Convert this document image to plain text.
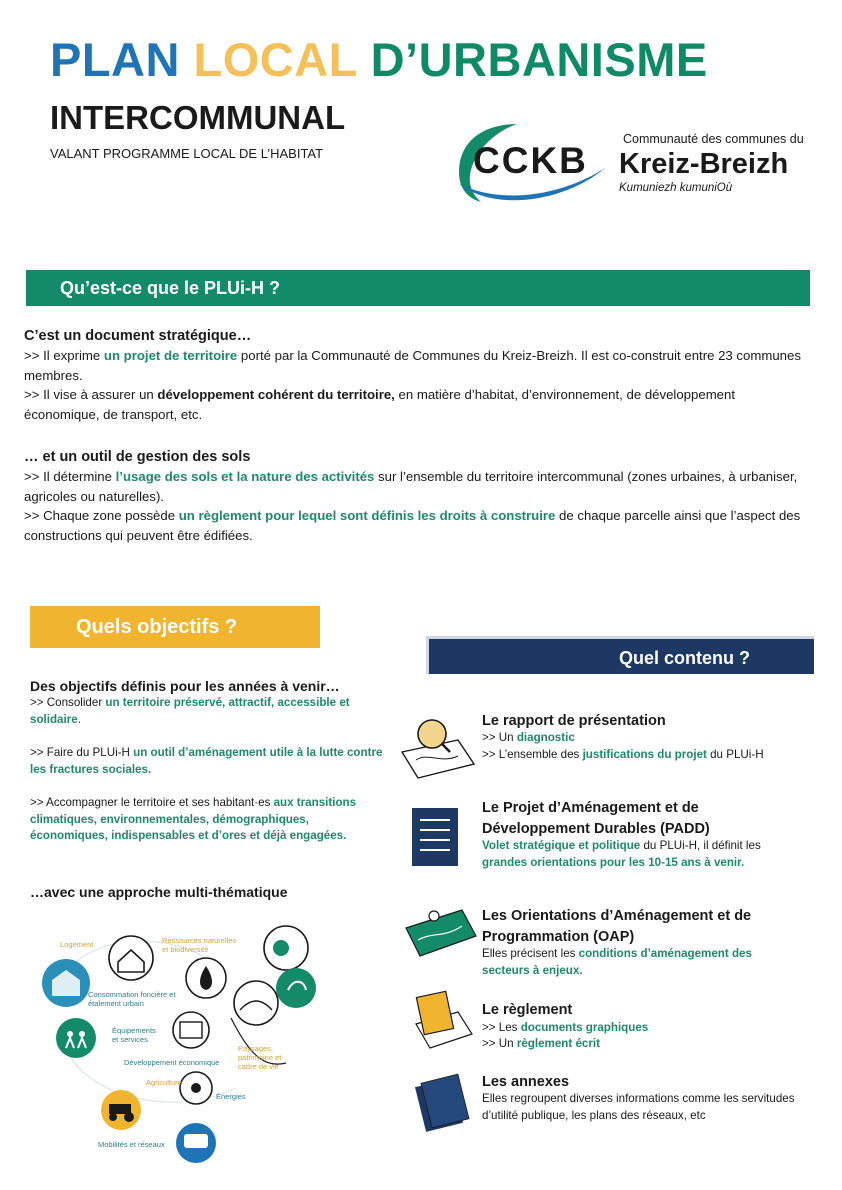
PLAN LOCAL D’URBANISME
INTERCOMMUNAL
VALANT PROGRAMME LOCAL DE L’HABITAT	CCKB
Communauté des communes du
Kreiz-Breizh
Kumuniezh kumuniOù
Qu’est-ce que le PLUi-H ?
C’est un document stratégique…
>> Il exprime un projet de territoire porté par la Communauté de Communes du Kreiz-Breizh. Il est co-construit entre 23 communes membres.
>> Il vise à assurer un développement cohérent du territoire, en matière d’habitat, d’environnement, de développement économique, de transport, etc.
… et un outil de gestion des sols
>> Il détermine l’usage des sols et la nature des activités sur l’ensemble du territoire intercommunal (zones urbaines, à urbaniser, agricoles ou naturelles).
>> Chaque zone possède un règlement pour lequel sont définis les droits à construire de chaque parcelle ainsi que l’aspect des constructions qui peuvent être édifiées.
Quels objectifs ?
Des objectifs définis pour les années à venir…
>> Consolider un territoire préservé, attractif, accessible et solidaire.
>> Faire du PLUi-H un outil d’aménagement utile à la lutte contre les fractures sociales.
>> Accompagner le territoire et ses habitant·es aux transitions climatiques, environnementales, démographiques, économiques, indispensables et d’ores et déjà engagées.
…avec une approche multi-thématique
Logement	Ressources naturelles et biodiversité
Consommation foncière et étalement urbain
Équipements et services
Développement économique
Paysages, patrimoine et cadre de vie
Agriculture
Énergies
Mobilités et réseaux
Quel contenu ?
Le rapport de présentation
>> Un diagnostic
>> L’ensemble des justifications du projet du PLUi-H
Le Projet d’Aménagement et de Développement Durables (PADD)
Volet stratégique et politique du PLUi-H, il définit les grandes orientations pour les 10-15 ans à venir.
Les Orientations d’Aménagement et de Programmation (OAP)
Elles précisent les conditions d’aménagement des secteurs à enjeux.
Le règlement
>> Les documents graphiques
>> Un règlement écrit
Les annexes
Elles regroupent diverses informations comme les servitudes d’utilité publique, les plans des réseaux, etc
